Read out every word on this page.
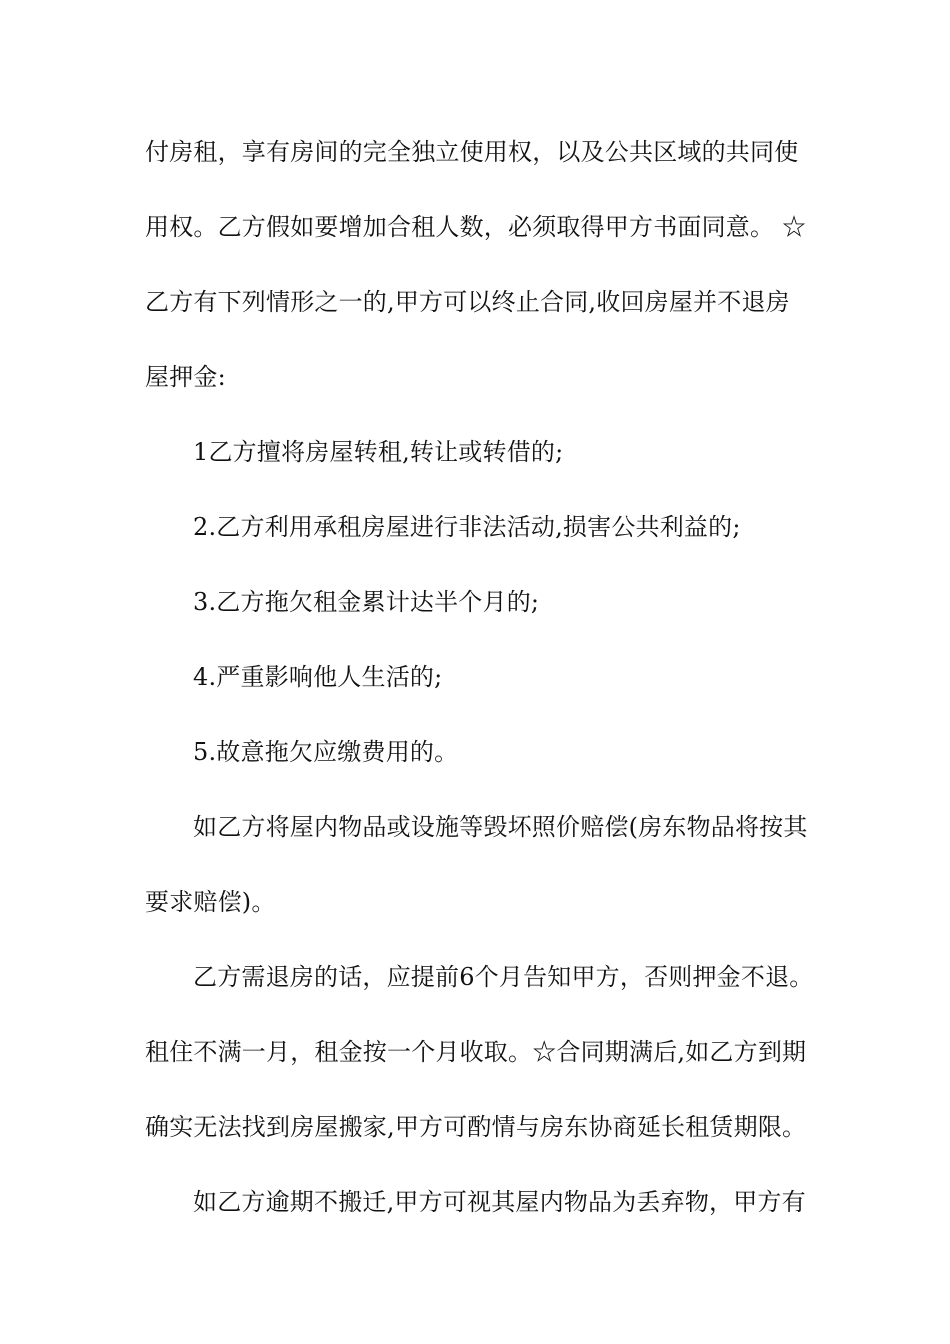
付房租，享有房间的完全独立使用权，以及公共区域的共同使
用权。乙方假如要增加合租人数，必须取得甲方书面同意。 ☆
乙方有下列情形之一的,甲方可以终止合同,收回房屋并不退房
屋押金:
1乙方擅将房屋转租,转让或转借的;
2.乙方利用承租房屋进行非法活动,损害公共利益的;
3.乙方拖欠租金累计达半个月的;
4.严重影响他人生活的;
5.故意拖欠应缴费用的。
如乙方将屋内物品或设施等毁坏照价赔偿(房东物品将按其
要求赔偿)。
乙方需退房的话，应提前6个月告知甲方，否则押金不退。
租住不满一月，租金按一个月收取。☆合同期满后,如乙方到期
确实无法找到房屋搬家,甲方可酌情与房东协商延长租赁期限。
如乙方逾期不搬迁,甲方可视其屋内物品为丢弃物，甲方有
